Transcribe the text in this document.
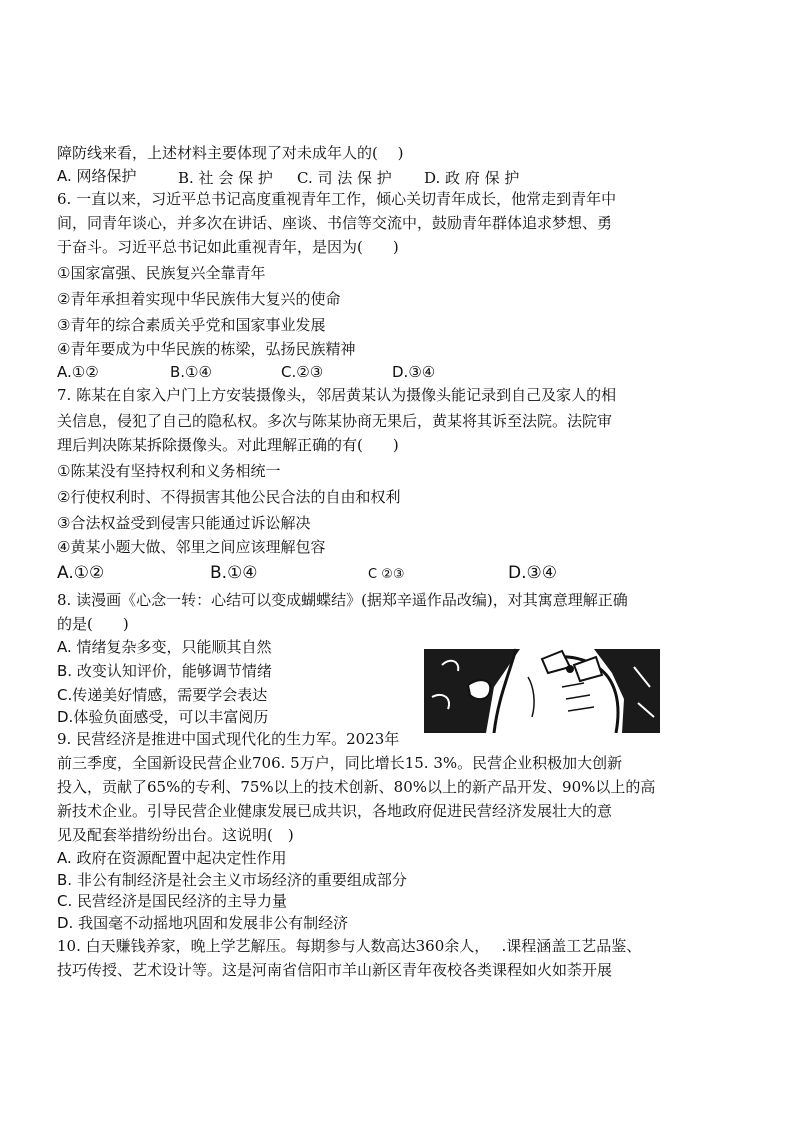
障防线来看，上述材料主要体现了对未成年人的(　 )
A. 网络保护	B. 社 会 保 护 C. 司 法 保 护 D. 政 府 保 护
6. 一直以来，习近平总书记高度重视青年工作，倾心关切青年成长，他常走到青年中
间，同青年谈心，并多次在讲话、座谈、书信等交流中，鼓励青年群体追求梦想、勇
于奋斗。习近平总书记如此重视青年，是因为(　　)
①国家富强、民族复兴全靠青年
②青年承担着实现中华民族伟大复兴的使命
③青年的综合素质关乎党和国家事业发展
④青年要成为中华民族的栋梁，弘扬民族精神
A.①②	B.①④	C.②③	D.③④
7. 陈某在自家入户门上方安装摄像头，邻居黄某认为摄像头能记录到自己及家人的相
关信息，侵犯了自己的隐私权。多次与陈某协商无果后，黄某将其诉至法院。法院审
理后判决陈某拆除摄像头。对此理解正确的有(　　)
①陈某没有坚持权利和义务相统一
②行使权利时、不得损害其他公民合法的自由和权利
③合法权益受到侵害只能通过诉讼解决
④黄某小题大做、邻里之间应该理解包容
A.①②	B.①④	C ②③	D.③④
8. 读漫画《心念一转：心结可以变成蝴蝶结》(据郑辛遥作品改编)，对其寓意理解正确
的是(　　)
A. 情绪复杂多变，只能顺其自然
B. 改变认知评价，能够调节情绪
C.传递美好情感，需要学会表达
D.体验负面感受，可以丰富阅历
9. 民营经济是推进中国式现代化的生力军。2023年
前三季度，全国新设民营企业706. 5万户，同比增长15. 3%。民营企业积极加大创新
投入，贡献了65%的专利、75%以上的技术创新、80%以上的新产品开发、90%以上的高
新技术企业。引导民营企业健康发展已成共识，各地政府促进民营经济发展壮大的意
见及配套举措纷纷出台。这说明(　)
A. 政府在资源配置中起决定性作用
B. 非公有制经济是社会主义市场经济的重要组成部分
C. 民营经济是国民经济的主导力量
D. 我国毫不动摇地巩固和发展非公有制经济
10. 白天赚钱养家，晚上学艺解压。每期参与人数高达360余人，　 .课程涵盖工艺品鉴、
技巧传授、艺术设计等。这是河南省信阳市羊山新区青年夜校各类课程如火如荼开展
